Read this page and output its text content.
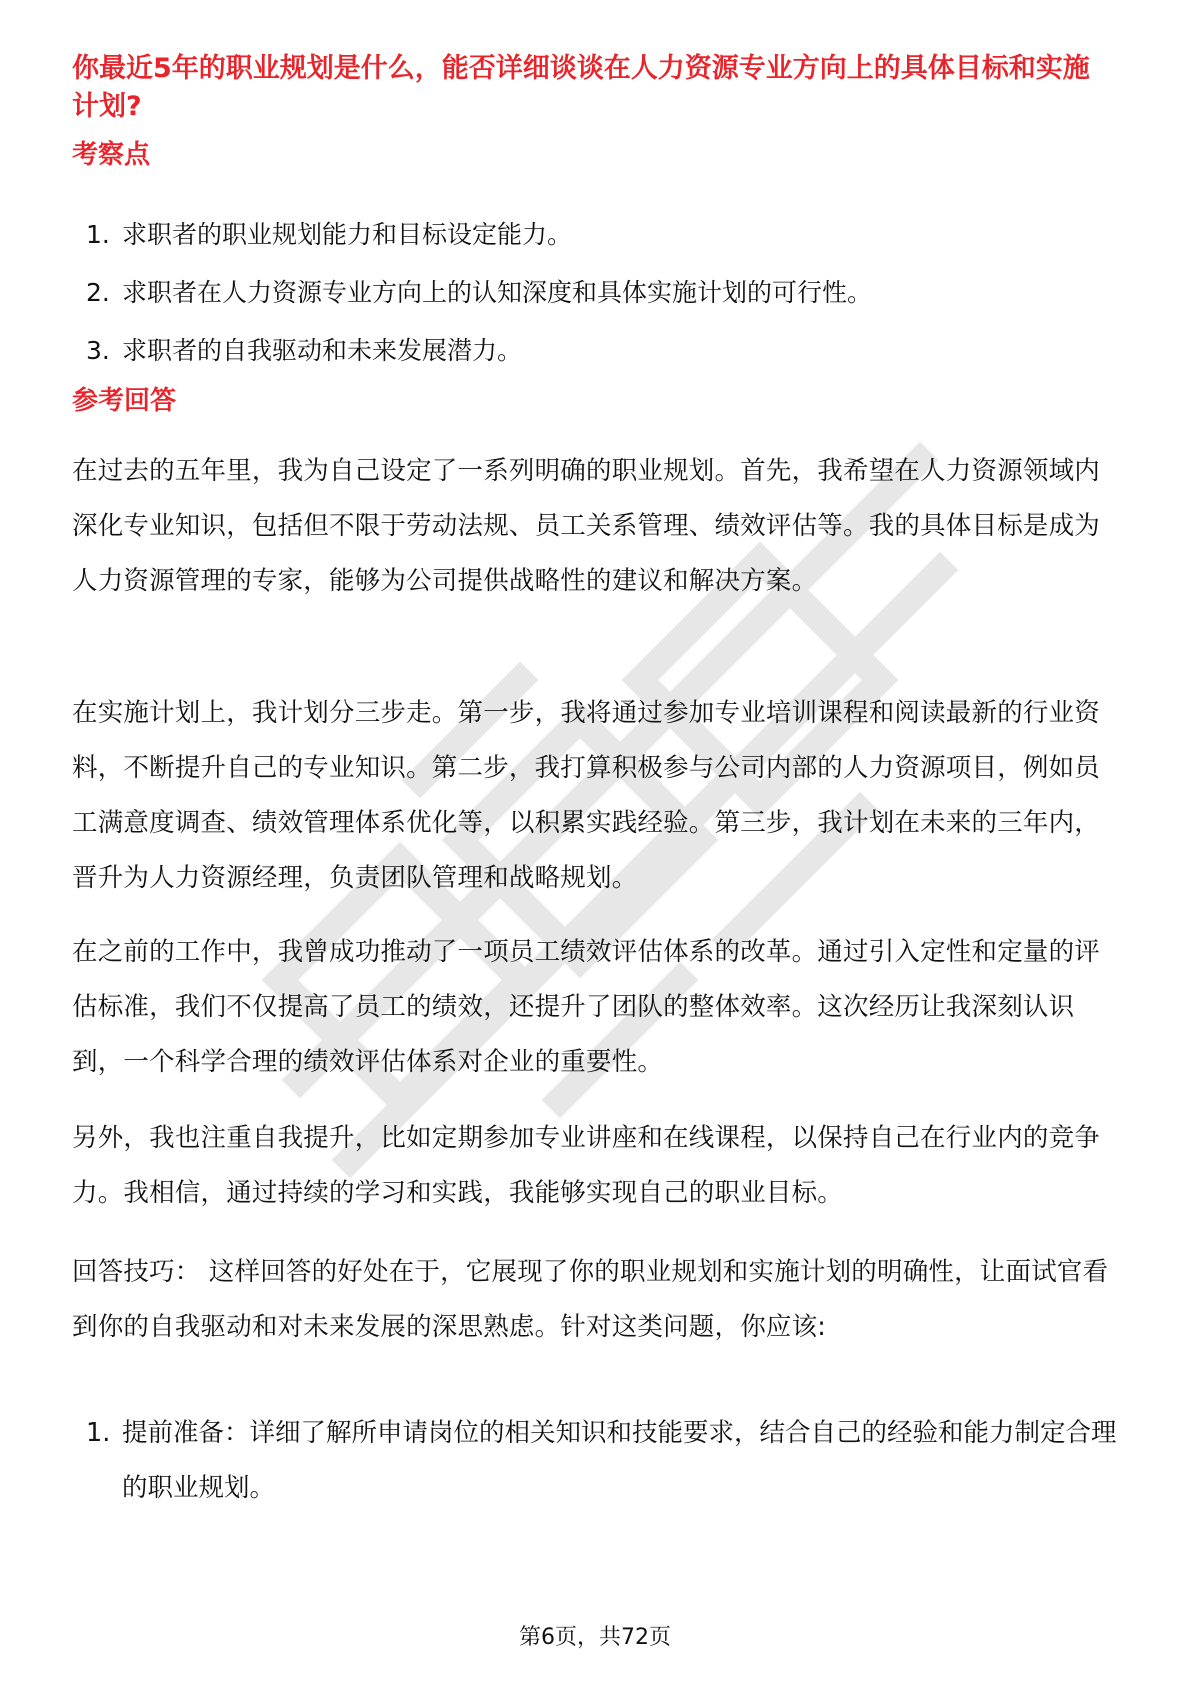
你最近5年的职业规划是什么，能否详细谈谈在人力资源专业方向上的具体目标和实施计划?

考察点

1. 求职者的职业规划能力和目标设定能力。
2. 求职者在人力资源专业方向上的认知深度和具体实施计划的可行性。
3. 求职者的自我驱动和未来发展潜力。

参考回答

在过去的五年里，我为自己设定了一系列明确的职业规划。首先，我希望在人力资源领域内深化专业知识，包括但不限于劳动法规、员工关系管理、绩效评估等。我的具体目标是成为人力资源管理的专家，能够为公司提供战略性的建议和解决方案。

在实施计划上，我计划分三步走。第一步，我将通过参加专业培训课程和阅读最新的行业资料，不断提升自己的专业知识。第二步，我打算积极参与公司内部的人力资源项目，例如员工满意度调查、绩效管理体系优化等，以积累实践经验。第三步，我计划在未来的三年内，晋升为人力资源经理，负责团队管理和战略规划。

在之前的工作中，我曾成功推动了一项员工绩效评估体系的改革。通过引入定性和定量的评估标准，我们不仅提高了员工的绩效，还提升了团队的整体效率。这次经历让我深刻认识到，一个科学合理的绩效评估体系对企业的重要性。

另外，我也注重自我提升，比如定期参加专业讲座和在线课程，以保持自己在行业内的竞争力。我相信，通过持续的学习和实践，我能够实现自己的职业目标。

回答技巧： 这样回答的好处在于，它展现了你的职业规划和实施计划的明确性，让面试官看到你的自我驱动和对未来发展的深思熟虑。针对这类问题，你应该:

1. 提前准备：详细了解所申请岗位的相关知识和技能要求，结合自己的经验和能力制定合理的职业规划。
第6页，共72页
